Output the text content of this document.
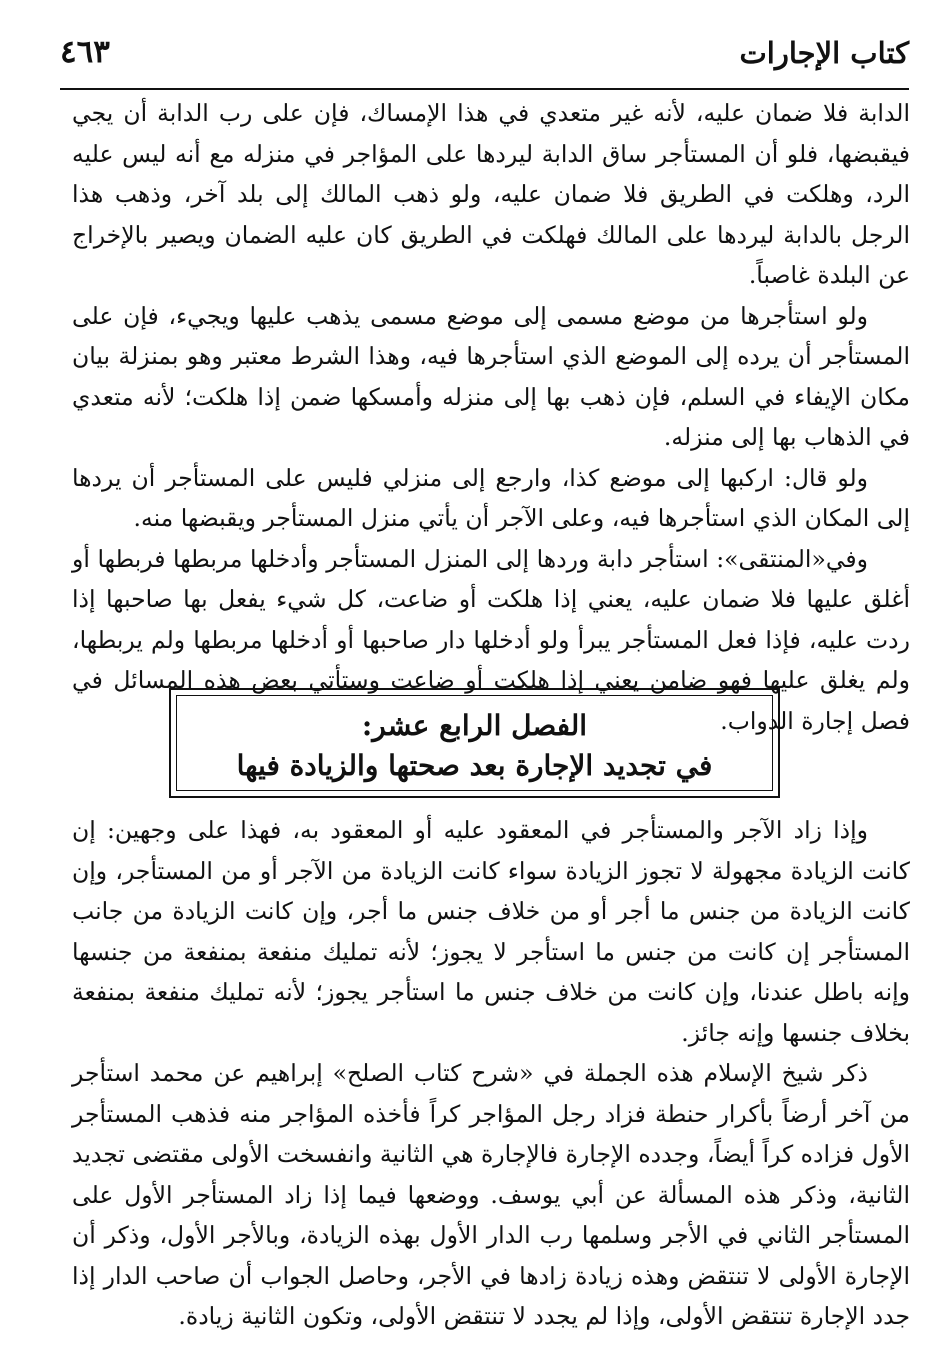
كتاب الإجارات
٤٦٣

الدابة فلا ضمان عليه، لأنه غير متعدي في هذا الإمساك، فإن على رب الدابة أن يجي فيقبضها، فلو أن المستأجر ساق الدابة ليردها على المؤاجر في منزله مع أنه ليس عليه الرد، وهلكت في الطريق فلا ضمان عليه، ولو ذهب المالك إلى بلد آخر، وذهب هذا الرجل بالدابة ليردها على المالك فهلكت في الطريق كان عليه الضمان ويصير بالإخراج عن البلدة غاصباً.

ولو استأجرها من موضع مسمى إلى موضع مسمى يذهب عليها ويجيء، فإن على المستأجر أن يرده إلى الموضع الذي استأجرها فيه، وهذا الشرط معتبر وهو بمنزلة بيان مكان الإيفاء في السلم، فإن ذهب بها إلى منزله وأمسكها ضمن إذا هلكت؛ لأنه متعدي في الذهاب بها إلى منزله.

ولو قال: اركبها إلى موضع كذا، وارجع إلى منزلي فليس على المستأجر أن يردها إلى المكان الذي استأجرها فيه، وعلى الآجر أن يأتي منزل المستأجر ويقبضها منه.

وفي«المنتقى»: استأجر دابة وردها إلى المنزل المستأجر وأدخلها مربطها فربطها أو أغلق عليها فلا ضمان عليه، يعني إذا هلكت أو ضاعت، كل شيء يفعل بها صاحبها إذا ردت عليه، فإذا فعل المستأجر يبرأ ولو أدخلها دار صاحبها أو أدخلها مربطها ولم يربطها، ولم يغلق عليها فهو ضامن يعني إذا هلكت أو ضاعت وستأتي بعض هذه المسائل في فصل إجارة الدواب.

الفصل الرابع عشر:
في تجديد الإجارة بعد صحتها والزيادة فيها

وإذا زاد الآجر والمستأجر في المعقود عليه أو المعقود به، فهذا على وجهين: إن كانت الزيادة مجهولة لا تجوز الزيادة سواء كانت الزيادة من الآجر أو من المستأجر، وإن كانت الزيادة من جنس ما أجر أو من خلاف جنس ما أجر، وإن كانت الزيادة من جانب المستأجر إن كانت من جنس ما استأجر لا يجوز؛ لأنه تمليك منفعة بمنفعة من جنسها وإنه باطل عندنا، وإن كانت من خلاف جنس ما استأجر يجوز؛ لأنه تمليك منفعة بمنفعة بخلاف جنسها وإنه جائز.

ذكر شيخ الإسلام هذه الجملة في «شرح كتاب الصلح» إبراهيم عن محمد استأجر من آخر أرضاً بأكرار حنطة فزاد رجل المؤاجر كراً فأخذه المؤاجر منه فذهب المستأجر الأول فزاده كراً أيضاً، وجدده الإجارة فالإجارة هي الثانية وانفسخت الأولى مقتضى تجديد الثانية، وذكر هذه المسألة عن أبي يوسف. ووضعها فيما إذا زاد المستأجر الأول على المستأجر الثاني في الأجر وسلمها رب الدار الأول بهذه الزيادة، وبالأجر الأول، وذكر أن الإجارة الأولى لا تنتقض وهذه زيادة زادها في الأجر، وحاصل الجواب أن صاحب الدار إذا جدد الإجارة تنتقض الأولى، وإذا لم يجدد لا تنتقض الأولى، وتكون الثانية زيادة.
